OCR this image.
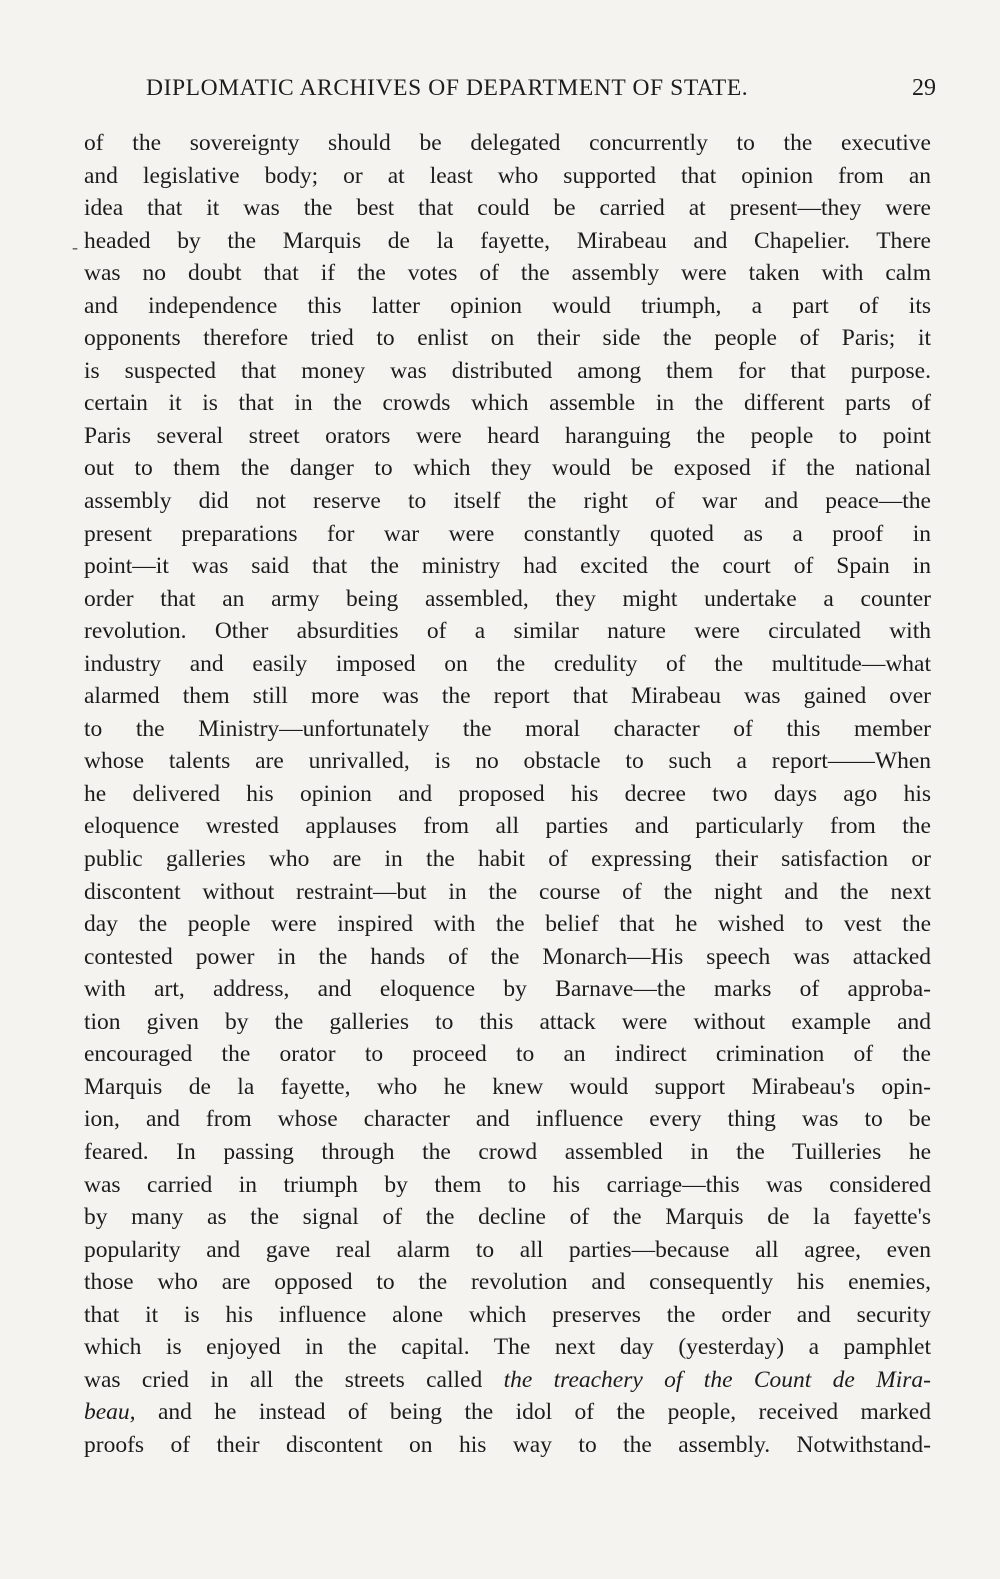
DIPLOMATIC ARCHIVES OF DEPARTMENT OF STATE.	29
-
of the sovereignty should be delegated concurrently to the executive
and legislative body; or at least who supported that opinion from an
idea that it was the best that could be carried at present—they were
headed by the Marquis de la fayette, Mirabeau and Chapelier. There
was no doubt that if the votes of the assembly were taken with calm
and independence this latter opinion would triumph, a part of its
opponents therefore tried to enlist on their side the people of Paris; it
is suspected that money was distributed among them for that purpose.
certain it is that in the crowds which assemble in the different parts of
Paris several street orators were heard haranguing the people to point
out to them the danger to which they would be exposed if the national
assembly did not reserve to itself the right of war and peace—the
present preparations for war were constantly quoted as a proof in
point—it was said that the ministry had excited the court of Spain in
order that an army being assembled, they might undertake a counter
revolution. Other absurdities of a similar nature were circulated with
industry and easily imposed on the credulity of the multitude—what
alarmed them still more was the report that Mirabeau was gained over
to the Ministry—unfortunately the moral character of this member
whose talents are unrivalled, is no obstacle to such a report——When
he delivered his opinion and proposed his decree two days ago his
eloquence wrested applauses from all parties and particularly from the
public galleries who are in the habit of expressing their satisfaction or
discontent without restraint—but in the course of the night and the next
day the people were inspired with the belief that he wished to vest the
contested power in the hands of the Monarch—His speech was attacked
with art, address, and eloquence by Barnave—the marks of approba-
tion given by the galleries to this attack were without example and
encouraged the orator to proceed to an indirect crimination of the
Marquis de la fayette, who he knew would support Mirabeau's opin-
ion, and from whose character and influence every thing was to be
feared. In passing through the crowd assembled in the Tuilleries he
was carried in triumph by them to his carriage—this was considered
by many as the signal of the decline of the Marquis de la fayette's
popularity and gave real alarm to all parties—because all agree, even
those who are opposed to the revolution and consequently his enemies,
that it is his influence alone which preserves the order and security
which is enjoyed in the capital. The next day (yesterday) a pamphlet
was cried in all the streets called the treachery of the Count de Mira-
beau, and he instead of being the idol of the people, received marked
proofs of their discontent on his way to the assembly. Notwithstand-
